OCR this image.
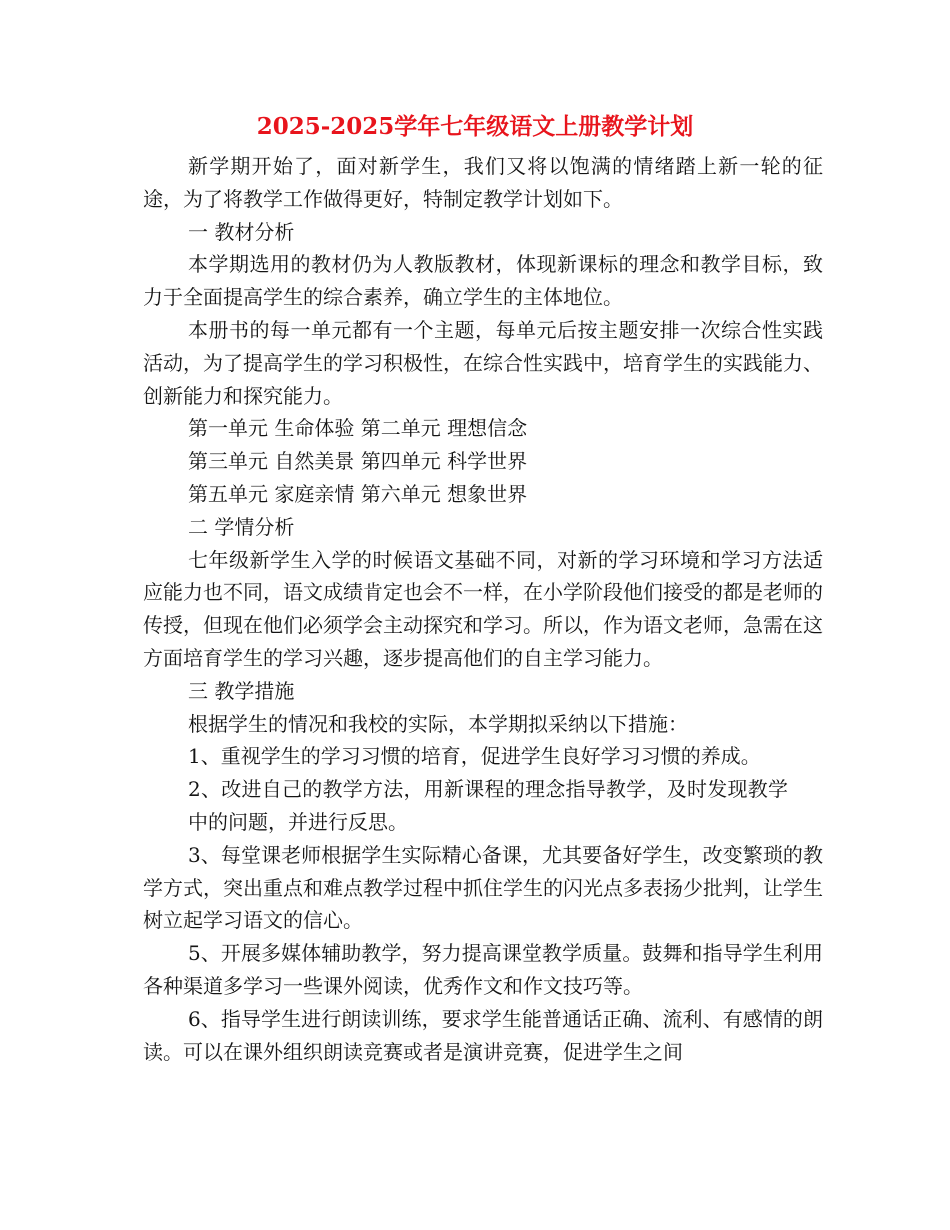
2025-2025学年七年级语文上册教学计划

新学期开始了，面对新学生，我们又将以饱满的情绪踏上新一轮的征途，为了将教学工作做得更好，特制定教学计划如下。

一 教材分析

本学期选用的教材仍为人教版教材，体现新课标的理念和教学目标，致力于全面提高学生的综合素养，确立学生的主体地位。

本册书的每一单元都有一个主题，每单元后按主题安排一次综合性实践活动，为了提高学生的学习积极性，在综合性实践中，培育学生的实践能力、创新能力和探究能力。

第一单元 生命体验 第二单元 理想信念

第三单元 自然美景 第四单元 科学世界

第五单元 家庭亲情 第六单元 想象世界

二 学情分析

七年级新学生入学的时候语文基础不同，对新的学习环境和学习方法适应能力也不同，语文成绩肯定也会不一样，在小学阶段他们接受的都是老师的传授，但现在他们必须学会主动探究和学习。所以，作为语文老师，急需在这方面培育学生的学习兴趣，逐步提高他们的自主学习能力。

三 教学措施

根据学生的情况和我校的实际，本学期拟采纳以下措施：

1、重视学生的学习习惯的培育，促进学生良好学习习惯的养成。

2、改进自己的教学方法，用新课程的理念指导教学，及时发现教学中的问题，并进行反思。

3、每堂课老师根据学生实际精心备课，尤其要备好学生，改变繁琐的教学方式，突出重点和难点教学过程中抓住学生的闪光点多表扬少批判，让学生树立起学习语文的信心。

5、开展多媒体辅助教学，努力提高课堂教学质量。鼓舞和指导学生利用各种渠道多学习一些课外阅读，优秀作文和作文技巧等。

6、指导学生进行朗读训练，要求学生能普通话正确、流利、有感情的朗读。可以在课外组织朗读竞赛或者是演讲竞赛，促进学生之间
